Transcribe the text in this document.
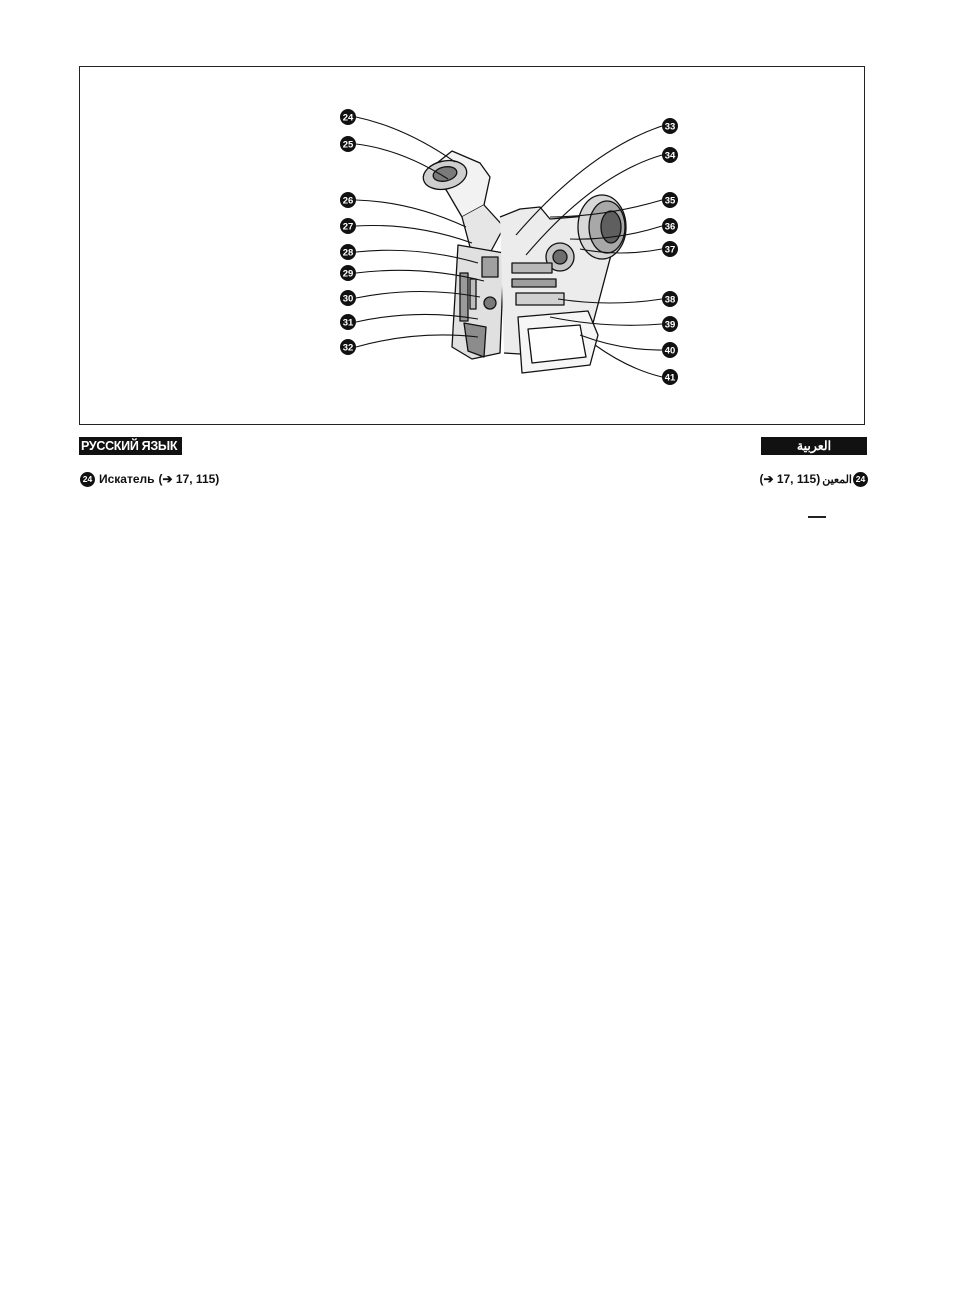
24
25
26
27
28
29
30
31
32
33
34
35
36
37
38
39
40
41
РУССКИЙ ЯЗЫК	العربية
24 Искатель (➔ 17, 115)	(➔ 17, 115) المعين 24
